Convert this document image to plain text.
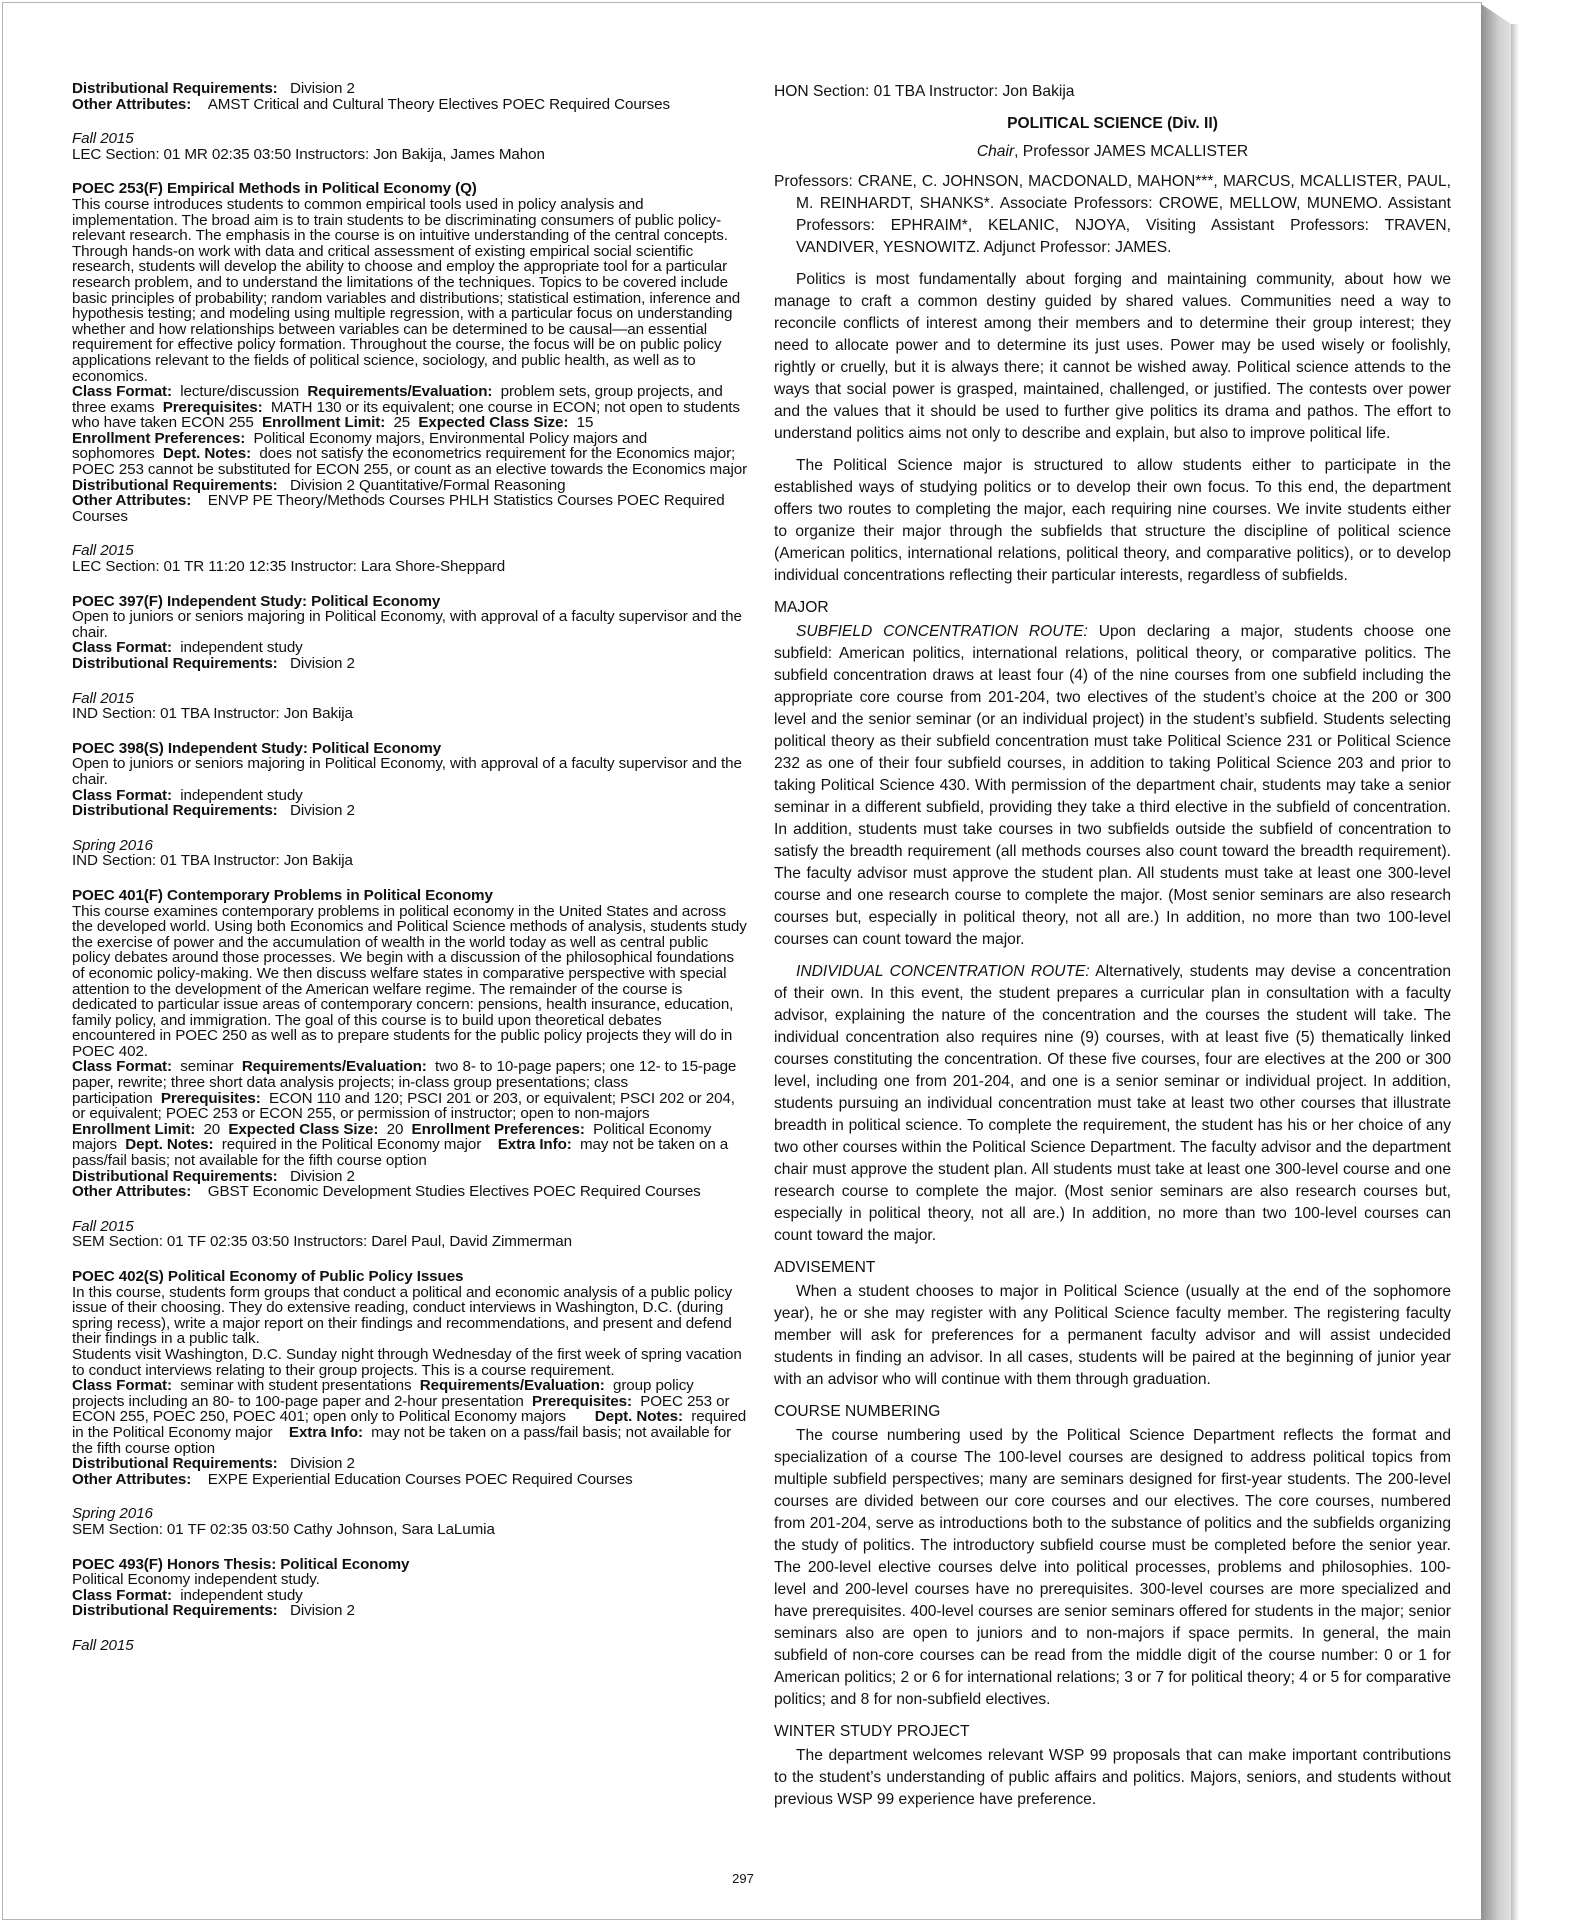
Distributional Requirements: Division 2
Other Attributes: AMST Critical and Cultural Theory Electives POEC Required Courses
Fall 2015
LEC Section: 01 MR 02:35 03:50 Instructors: Jon Bakija, James Mahon
POEC 253(F) Empirical Methods in Political Economy (Q)
This course introduces students to common empirical tools used in policy analysis and implementation. The broad aim is to train students to be discriminating consumers of public policy-relevant research. The emphasis in the course is on intuitive understanding of the central concepts. Through hands-on work with data and critical assessment of existing empirical social scientific research, students will develop the ability to choose and employ the appropriate tool for a particular research problem, and to understand the limitations of the techniques. Topics to be covered include basic principles of probability; random variables and distributions; statistical estimation, inference and hypothesis testing; and modeling using multiple regression, with a particular focus on understanding whether and how relationships between variables can be determined to be causal—an essential requirement for effective policy formation. Throughout the course, the focus will be on public policy applications relevant to the fields of political science, sociology, and public health, as well as to economics.
Class Format: lecture/discussion Requirements/Evaluation: problem sets, group projects, and three exams Prerequisites: MATH 130 or its equivalent; one course in ECON; not open to students who have taken ECON 255 Enrollment Limit: 25 Expected Class Size: 15
Enrollment Preferences: Political Economy majors, Environmental Policy majors and sophomores Dept. Notes: does not satisfy the econometrics requirement for the Economics major; POEC 253 cannot be substituted for ECON 255, or count as an elective towards the Economics major
Distributional Requirements: Division 2 Quantitative/Formal Reasoning
Other Attributes: ENVP PE Theory/Methods Courses PHLH Statistics Courses POEC Required Courses
Fall 2015
LEC Section: 01 TR 11:20 12:35 Instructor: Lara Shore-Sheppard
POEC 397(F) Independent Study: Political Economy
Open to juniors or seniors majoring in Political Economy, with approval of a faculty supervisor and the chair.
Class Format: independent study
Distributional Requirements: Division 2
Fall 2015
IND Section: 01 TBA Instructor: Jon Bakija
POEC 398(S) Independent Study: Political Economy
Open to juniors or seniors majoring in Political Economy, with approval of a faculty supervisor and the chair.
Class Format: independent study
Distributional Requirements: Division 2
Spring 2016
IND Section: 01 TBA Instructor: Jon Bakija
POEC 401(F) Contemporary Problems in Political Economy
This course examines contemporary problems in political economy in the United States and across the developed world. Using both Economics and Political Science methods of analysis, students study the exercise of power and the accumulation of wealth in the world today as well as central public policy debates around those processes. We begin with a discussion of the philosophical foundations of economic policy-making. We then discuss welfare states in comparative perspective with special attention to the development of the American welfare regime. The remainder of the course is dedicated to particular issue areas of contemporary concern: pensions, health insurance, education, family policy, and immigration. The goal of this course is to build upon theoretical debates encountered in POEC 250 as well as to prepare students for the public policy projects they will do in POEC 402.
Class Format: seminar Requirements/Evaluation: two 8- to 10-page papers; one 12- to 15-page paper, rewrite; three short data analysis projects; in-class group presentations; class participation Prerequisites: ECON 110 and 120; PSCI 201 or 203, or equivalent; PSCI 202 or 204, or equivalent; POEC 253 or ECON 255, or permission of instructor; open to non-majors
Enrollment Limit: 20 Expected Class Size: 20 Enrollment Preferences: Political Economy majors Dept. Notes: required in the Political Economy major Extra Info: may not be taken on a pass/fail basis; not available for the fifth course option
Distributional Requirements: Division 2
Other Attributes: GBST Economic Development Studies Electives POEC Required Courses
Fall 2015
SEM Section: 01 TF 02:35 03:50 Instructors: Darel Paul, David Zimmerman
POEC 402(S) Political Economy of Public Policy Issues
In this course, students form groups that conduct a political and economic analysis of a public policy issue of their choosing. They do extensive reading, conduct interviews in Washington, D.C. (during spring recess), write a major report on their findings and recommendations, and present and defend their findings in a public talk.
Students visit Washington, D.C. Sunday night through Wednesday of the first week of spring vacation to conduct interviews relating to their group projects. This is a course requirement.
Class Format: seminar with student presentations Requirements/Evaluation: group policy projects including an 80- to 100-page paper and 2-hour presentation Prerequisites: POEC 253 or ECON 255, POEC 250, POEC 401; open only to Political Economy majors Dept. Notes: required in the Political Economy major Extra Info: may not be taken on a pass/fail basis; not available for the fifth course option
Distributional Requirements: Division 2
Other Attributes: EXPE Experiential Education Courses POEC Required Courses
Spring 2016
SEM Section: 01 TF 02:35 03:50 Cathy Johnson, Sara LaLumia
POEC 493(F) Honors Thesis: Political Economy
Political Economy independent study.
Class Format: independent study
Distributional Requirements: Division 2
Fall 2015
HON Section: 01 TBA Instructor: Jon Bakija
POLITICAL SCIENCE (Div. II)
Chair, Professor JAMES MCALLISTER
Professors: CRANE, C. JOHNSON, MACDONALD, MAHON***, MARCUS, MCALLISTER, PAUL, M. REINHARDT, SHANKS*. Associate Professors: CROWE, MELLOW, MUNEMO. Assistant Professors: EPHRAIM*, KELANIC, NJOYA, Visiting Assistant Professors: TRAVEN, VANDIVER, YESNOWITZ. Adjunct Professor: JAMES.

Politics is most fundamentally about forging and maintaining community, about how we manage to craft a common destiny guided by shared values. Communities need a way to reconcile conflicts of interest among their members and to determine their group interest; they need to allocate power and to determine its just uses. Power may be used wisely or foolishly, rightly or cruelly, but it is always there; it cannot be wished away. Political science attends to the ways that social power is grasped, maintained, challenged, or justified. The contests over power and the values that it should be used to further give politics its drama and pathos. The effort to understand politics aims not only to describe and explain, but also to improve political life.

The Political Science major is structured to allow students either to participate in the established ways of studying politics or to develop their own focus. To this end, the department offers two routes to completing the major, each requiring nine courses. We invite students either to organize their major through the subfields that structure the discipline of political science (American politics, international relations, political theory, and comparative politics), or to develop individual concentrations reflecting their particular interests, regardless of subfields.

MAJOR

SUBFIELD CONCENTRATION ROUTE: Upon declaring a major, students choose one subfield: American politics, international relations, political theory, or comparative politics. The subfield concentration draws at least four (4) of the nine courses from one subfield including the appropriate core course from 201-204, two electives of the student’s choice at the 200 or 300 level and the senior seminar (or an individual project) in the student’s subfield. Students selecting political theory as their subfield concentration must take Political Science 231 or Political Science 232 as one of their four subfield courses, in addition to taking Political Science 203 and prior to taking Political Science 430. With permission of the department chair, students may take a senior seminar in a different subfield, providing they take a third elective in the subfield of concentration. In addition, students must take courses in two subfields outside the subfield of concentration to satisfy the breadth requirement (all methods courses also count toward the breadth requirement). The faculty advisor must approve the student plan. All students must take at least one 300-level course and one research course to complete the major. (Most senior seminars are also research courses but, especially in political theory, not all are.) In addition, no more than two 100-level courses can count toward the major.

INDIVIDUAL CONCENTRATION ROUTE: Alternatively, students may devise a concentration of their own. In this event, the student prepares a curricular plan in consultation with a faculty advisor, explaining the nature of the concentration and the courses the student will take. The individual concentration also requires nine (9) courses, with at least five (5) thematically linked courses constituting the concentration. Of these five courses, four are electives at the 200 or 300 level, including one from 201-204, and one is a senior seminar or individual project. In addition, students pursuing an individual concentration must take at least two other courses that illustrate breadth in political science. To complete the requirement, the student has his or her choice of any two other courses within the Political Science Department. The faculty advisor and the department chair must approve the student plan. All students must take at least one 300-level course and one research course to complete the major. (Most senior seminars are also research courses but, especially in political theory, not all are.) In addition, no more than two 100-level courses can count toward the major.

ADVISEMENT

When a student chooses to major in Political Science (usually at the end of the sophomore year), he or she may register with any Political Science faculty member. The registering faculty member will ask for preferences for a permanent faculty advisor and will assist undecided students in finding an advisor. In all cases, students will be paired at the beginning of junior year with an advisor who will continue with them through graduation.

COURSE NUMBERING

The course numbering used by the Political Science Department reflects the format and specialization of a course The 100-level courses are designed to address political topics from multiple subfield perspectives; many are seminars designed for first-year students. The 200-level courses are divided between our core courses and our electives. The core courses, numbered from 201-204, serve as introductions both to the substance of politics and the subfields organizing the study of politics. The introductory subfield course must be completed before the senior year. The 200-level elective courses delve into political processes, problems and philosophies. 100-level and 200-level courses have no prerequisites. 300-level courses are more specialized and have prerequisites. 400-level courses are senior seminars offered for students in the major; senior seminars also are open to juniors and to non-majors if space permits. In general, the main subfield of non-core courses can be read from the middle digit of the course number: 0 or 1 for American politics; 2 or 6 for international relations; 3 or 7 for political theory; 4 or 5 for comparative politics; and 8 for non-subfield electives.

WINTER STUDY PROJECT

The department welcomes relevant WSP 99 proposals that can make important contributions to the student’s understanding of public affairs and politics. Majors, seniors, and students without previous WSP 99 experience have preference.

297
